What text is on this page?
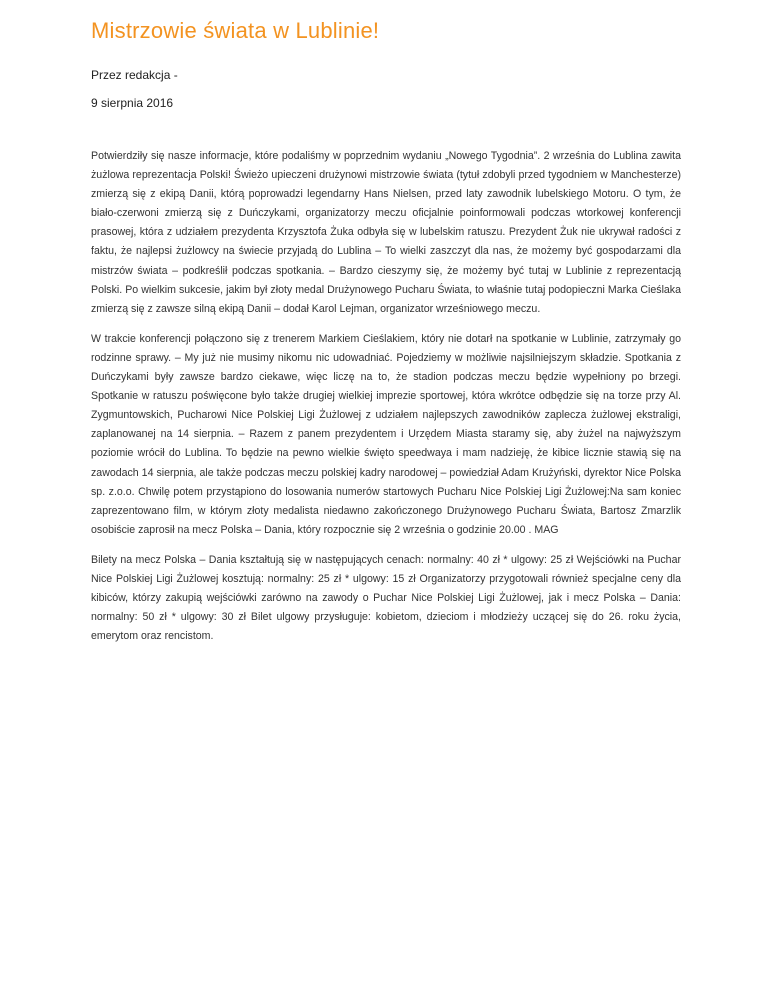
Mistrzowie świata w Lublinie!
Przez redakcja -
9 sierpnia 2016

Potwierdziły się nasze informacje, które podaliśmy w poprzednim wydaniu „Nowego Tygodnia”. 2 września do Lublina zawita żużlowa reprezentacja Polski! Świeżo upieczeni drużynowi mistrzowie świata (tytuł zdobyli przed tygodniem w Manchesterze) zmierzą się z ekipą Danii, którą poprowadzi legendarny Hans Nielsen, przed laty zawodnik lubelskiego Motoru. O tym, że biało-czerwoni zmierzą się z Duńczykami, organizatorzy meczu oficjalnie poinformowali podczas wtorkowej konferencji prasowej, która z udziałem prezydenta Krzysztofa Żuka odbyła się w lubelskim ratuszu. Prezydent Żuk nie ukrywał radości z faktu, że najlepsi żużlowcy na świecie przyjadą do Lublina – To wielki zaszczyt dla nas, że możemy być gospodarzami dla mistrzów świata – podkreślił podczas spotkania. – Bardzo cieszymy się, że możemy być tutaj w Lublinie z reprezentacją Polski. Po wielkim sukcesie, jakim był złoty medal Drużynowego Pucharu Świata, to właśnie tutaj podopieczni Marka Cieślaka zmierzą się z zawsze silną ekipą Danii – dodał Karol Lejman, organizator wrześniowego meczu.

W trakcie konferencji połączono się z trenerem Markiem Cieślakiem, który nie dotarł na spotkanie w Lublinie, zatrzymały go rodzinne sprawy. – My już nie musimy nikomu nic udowadniać. Pojedziemy w możliwie najsilniejszym składzie. Spotkania z Duńczykami były zawsze bardzo ciekawe, więc liczę na to, że stadion podczas meczu będzie wypełniony po brzegi. Spotkanie w ratuszu poświęcone było także drugiej wielkiej imprezie sportowej, która wkrótce odbędzie się na torze przy Al. Zygmuntowskich, Pucharowi Nice Polskiej Ligi Żużlowej z udziałem najlepszych zawodników zaplecza żużlowej ekstraligi, zaplanowanej na 14 sierpnia. – Razem z panem prezydentem i Urzędem Miasta staramy się, aby żużel na najwyższym poziomie wrócił do Lublina. To będzie na pewno wielkie święto speedwaya i mam nadzieję, że kibice licznie stawią się na zawodach 14 sierpnia, ale także podczas meczu polskiej kadry narodowej – powiedział Adam Krużyński, dyrektor Nice Polska sp. z.o.o. Chwilę potem przystąpiono do losowania numerów startowych Pucharu Nice Polskiej Ligi Żużlowej:Na sam koniec zaprezentowano film, w którym złoty medalista niedawno zakończonego Drużynowego Pucharu Świata, Bartosz Zmarzlik osobiście zaprosił na mecz Polska – Dania, który rozpocznie się 2 września o godzinie 20.00 . MAG

Bilety na mecz Polska – Dania kształtują się w następujących cenach: normalny: 40 zł * ulgowy: 25 zł Wejściówki na Puchar Nice Polskiej Ligi Żużlowej kosztują: normalny: 25 zł * ulgowy: 15 zł Organizatorzy przygotowali również specjalne ceny dla kibiców, którzy zakupią wejściówki zarówno na zawody o Puchar Nice Polskiej Ligi Żużlowej, jak i mecz Polska – Dania: normalny: 50 zł * ulgowy: 30 zł Bilet ulgowy przysługuje: kobietom, dzieciom i młodzieży uczącej się do 26. roku życia, emerytom oraz rencistom.
